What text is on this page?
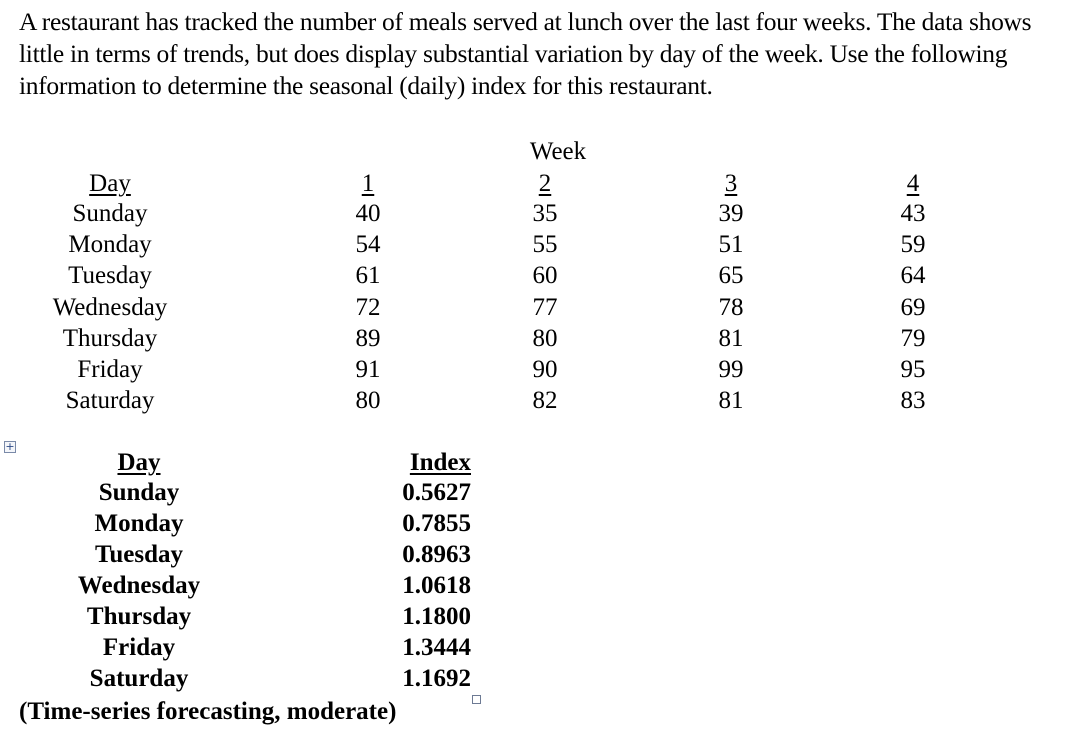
A restaurant has tracked the number of meals served at lunch over the last four weeks. The data shows little in terms of trends, but does display substantial variation by day of the week. Use the following information to determine the seasonal (daily) index for this restaurant.
Week
Day	1	2	3	4
Sunday	40	35	39	43
Monday	54	55	51	59
Tuesday	61	60	65	64
Wednesday	72	77	78	69
Thursday	89	80	81	79
Friday	91	90	99	95
Saturday	80	82	81	83
Day	Index
Sunday	0.5627
Monday	0.7855
Tuesday	0.8963
Wednesday	1.0618
Thursday	1.1800
Friday	1.3444
Saturday	1.1692
(Time-series forecasting, moderate)
+
